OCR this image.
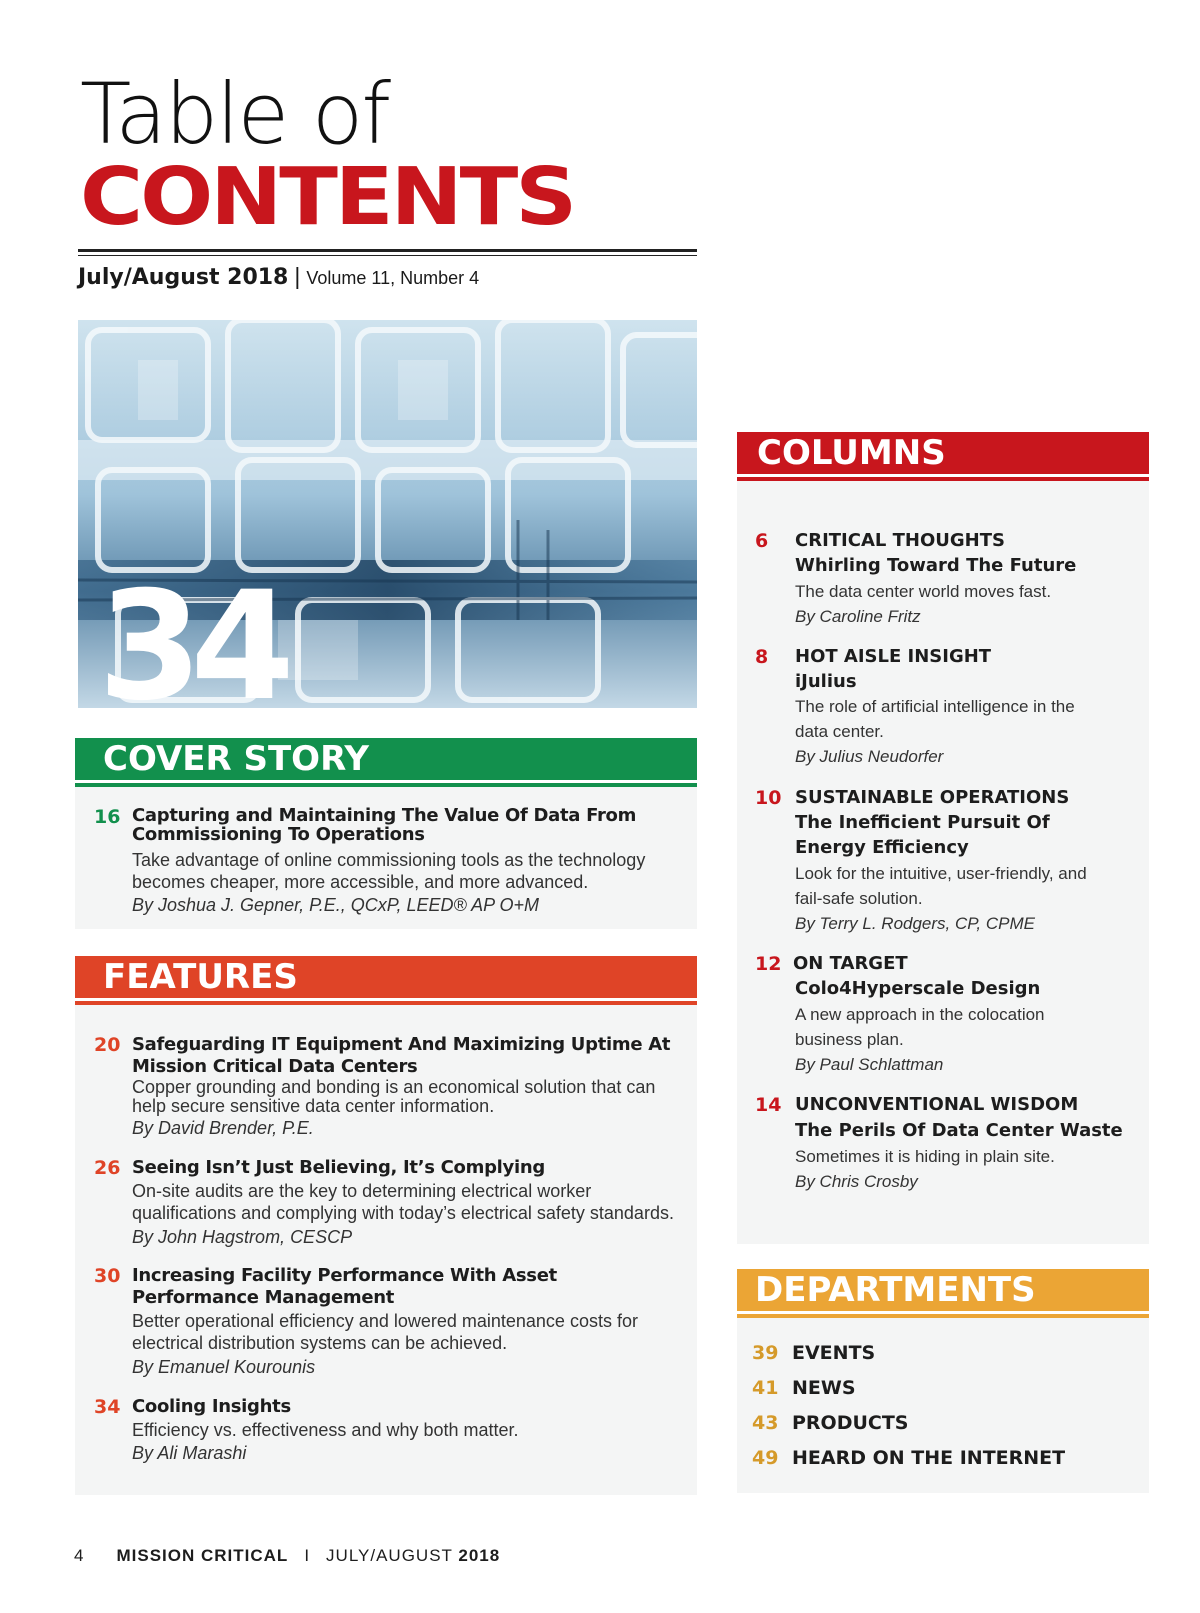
Table of
CONTENTS
July/August 2018 | Volume 11, Number 4
34
COVER STORY
16 Capturing and Maintaining The Value Of Data From Commissioning To Operations
Take advantage of online commissioning tools as the technology becomes cheaper, more accessible, and more advanced.
By Joshua J. Gepner, P.E., QCxP, LEED® AP O+M
FEATURES
20 Safeguarding IT Equipment And Maximizing Uptime At Mission Critical Data Centers
Copper grounding and bonding is an economical solution that can help secure sensitive data center information.
By David Brender, P.E.
26 Seeing Isn’t Just Believing, It’s Complying
On-site audits are the key to determining electrical worker qualifications and complying with today’s electrical safety standards.
By John Hagstrom, CESCP
30 Increasing Facility Performance With Asset Performance Management
Better operational efficiency and lowered maintenance costs for electrical distribution systems can be achieved.
By Emanuel Kourounis
34 Cooling Insights
Efficiency vs. effectiveness and why both matter.
By Ali Marashi
COLUMNS
6 CRITICAL THOUGHTS
Whirling Toward The Future
The data center world moves fast.
By Caroline Fritz
8 HOT AISLE INSIGHT
iJulius
The role of artificial intelligence in the data center.
By Julius Neudorfer
10 SUSTAINABLE OPERATIONS
The Inefficient Pursuit Of Energy Efficiency
Look for the intuitive, user-friendly, and fail-safe solution.
By Terry L. Rodgers, CP, CPME
12 ON TARGET
Colo4Hyperscale Design
A new approach in the colocation business plan.
By Paul Schlattman
14 UNCONVENTIONAL WISDOM
The Perils Of Data Center Waste
Sometimes it is hiding in plain site.
By Chris Crosby
DEPARTMENTS
39 EVENTS
41 NEWS
43 PRODUCTS
49 HEARD ON THE INTERNET
4 MISSION CRITICAL I JULY/AUGUST 2018
